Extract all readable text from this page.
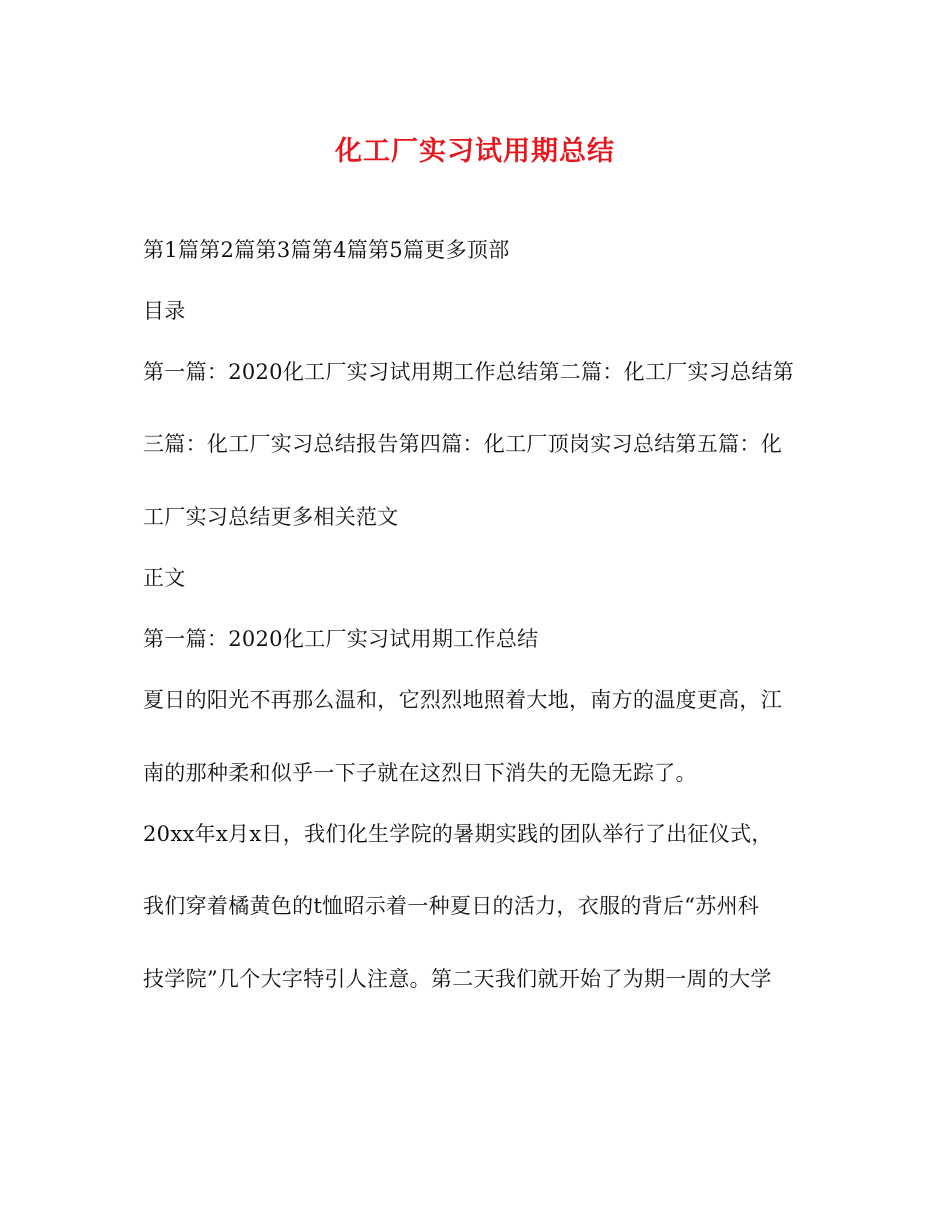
化工厂实习试用期总结
第1篇第2篇第3篇第4篇第5篇更多顶部
目录
第一篇：2020化工厂实习试用期工作总结第二篇：化工厂实习总结第
三篇：化工厂实习总结报告第四篇：化工厂顶岗实习总结第五篇：化
工厂实习总结更多相关范文
正文
第一篇：2020化工厂实习试用期工作总结
夏日的阳光不再那么温和，它烈烈地照着大地，南方的温度更高，江
南的那种柔和似乎一下子就在这烈日下消失的无隐无踪了。
20xx年x月x日，我们化生学院的暑期实践的团队举行了出征仪式，
我们穿着橘黄色的t恤昭示着一种夏日的活力，衣服的背后“苏州科
技学院”几个大字特引人注意。第二天我们就开始了为期一周的大学
